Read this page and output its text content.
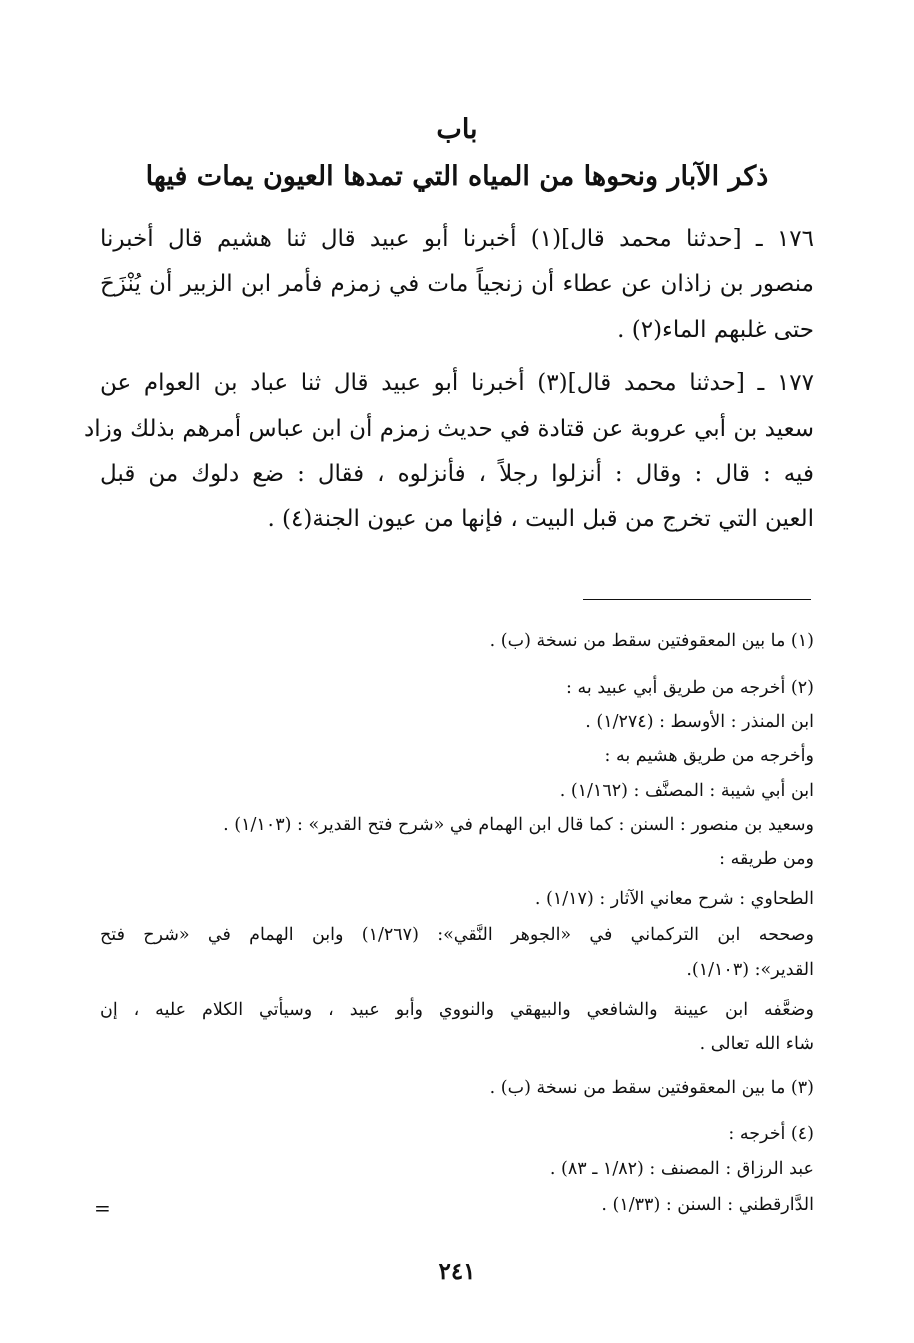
باب
ذكر الآبار ونحوها من المياه التي تمدها العيون يمات فيها
١٧٦ ـ [حدثنا محمد قال](١) أخبرنا أبو عبيد قال ثنا هشيم قال أخبرنا
منصور بن زاذان عن عطاء أن زنجياً مات في زمزم فأمر ابن الزبير أن يُنْزَحَ
حتى غلبهم الماء(٢) .
١٧٧ ـ [حدثنا محمد قال](٣) أخبرنا أبو عبيد قال ثنا عباد بن العوام عن
سعيد بن أبي عروبة عن قتادة في حديث زمزم أن ابن عباس أمرهم بذلك وزاد
فيه : قال : وقال : أنزلوا رجلاً ، فأنزلوه ، فقال : ضع دلوك من قبل
العين التي تخرج من قبل البيت ، فإنها من عيون الجنة(٤) .
(١) ما بين المعقوفتين سقط من نسخة (ب) .
(٢) أخرجه من طريق أبي عبيد به :
ابن المنذر : الأوسط : (١/٢٧٤) .
وأخرجه من طريق هشيم به :
ابن أبي شيبة : المصنَّف : (١/١٦٢) .
وسعيد بن منصور : السنن : كما قال ابن الهمام في «شرح فتح القدير» : (١/١٠٣) .
ومن طريقه :
الطحاوي : شرح معاني الآثار : (١/١٧) .
وصححه ابن التركماني في «الجوهر النَّقي»: (١/٢٦٧) وابن الهمام في «شرح فتح
القدير»: (١/١٠٣).
وضعَّفه ابن عيينة والشافعي والبيهقي والنووي وأبو عبيد ، وسيأتي الكلام عليه ، إن
شاء الله تعالى .
(٣) ما بين المعقوفتين سقط من نسخة (ب) .
(٤) أخرجه :
عبد الرزاق : المصنف : (١/٨٢ ـ ٨٣) .
الدَّارقطني : السنن : (١/٣٣) .
=
٢٤١
